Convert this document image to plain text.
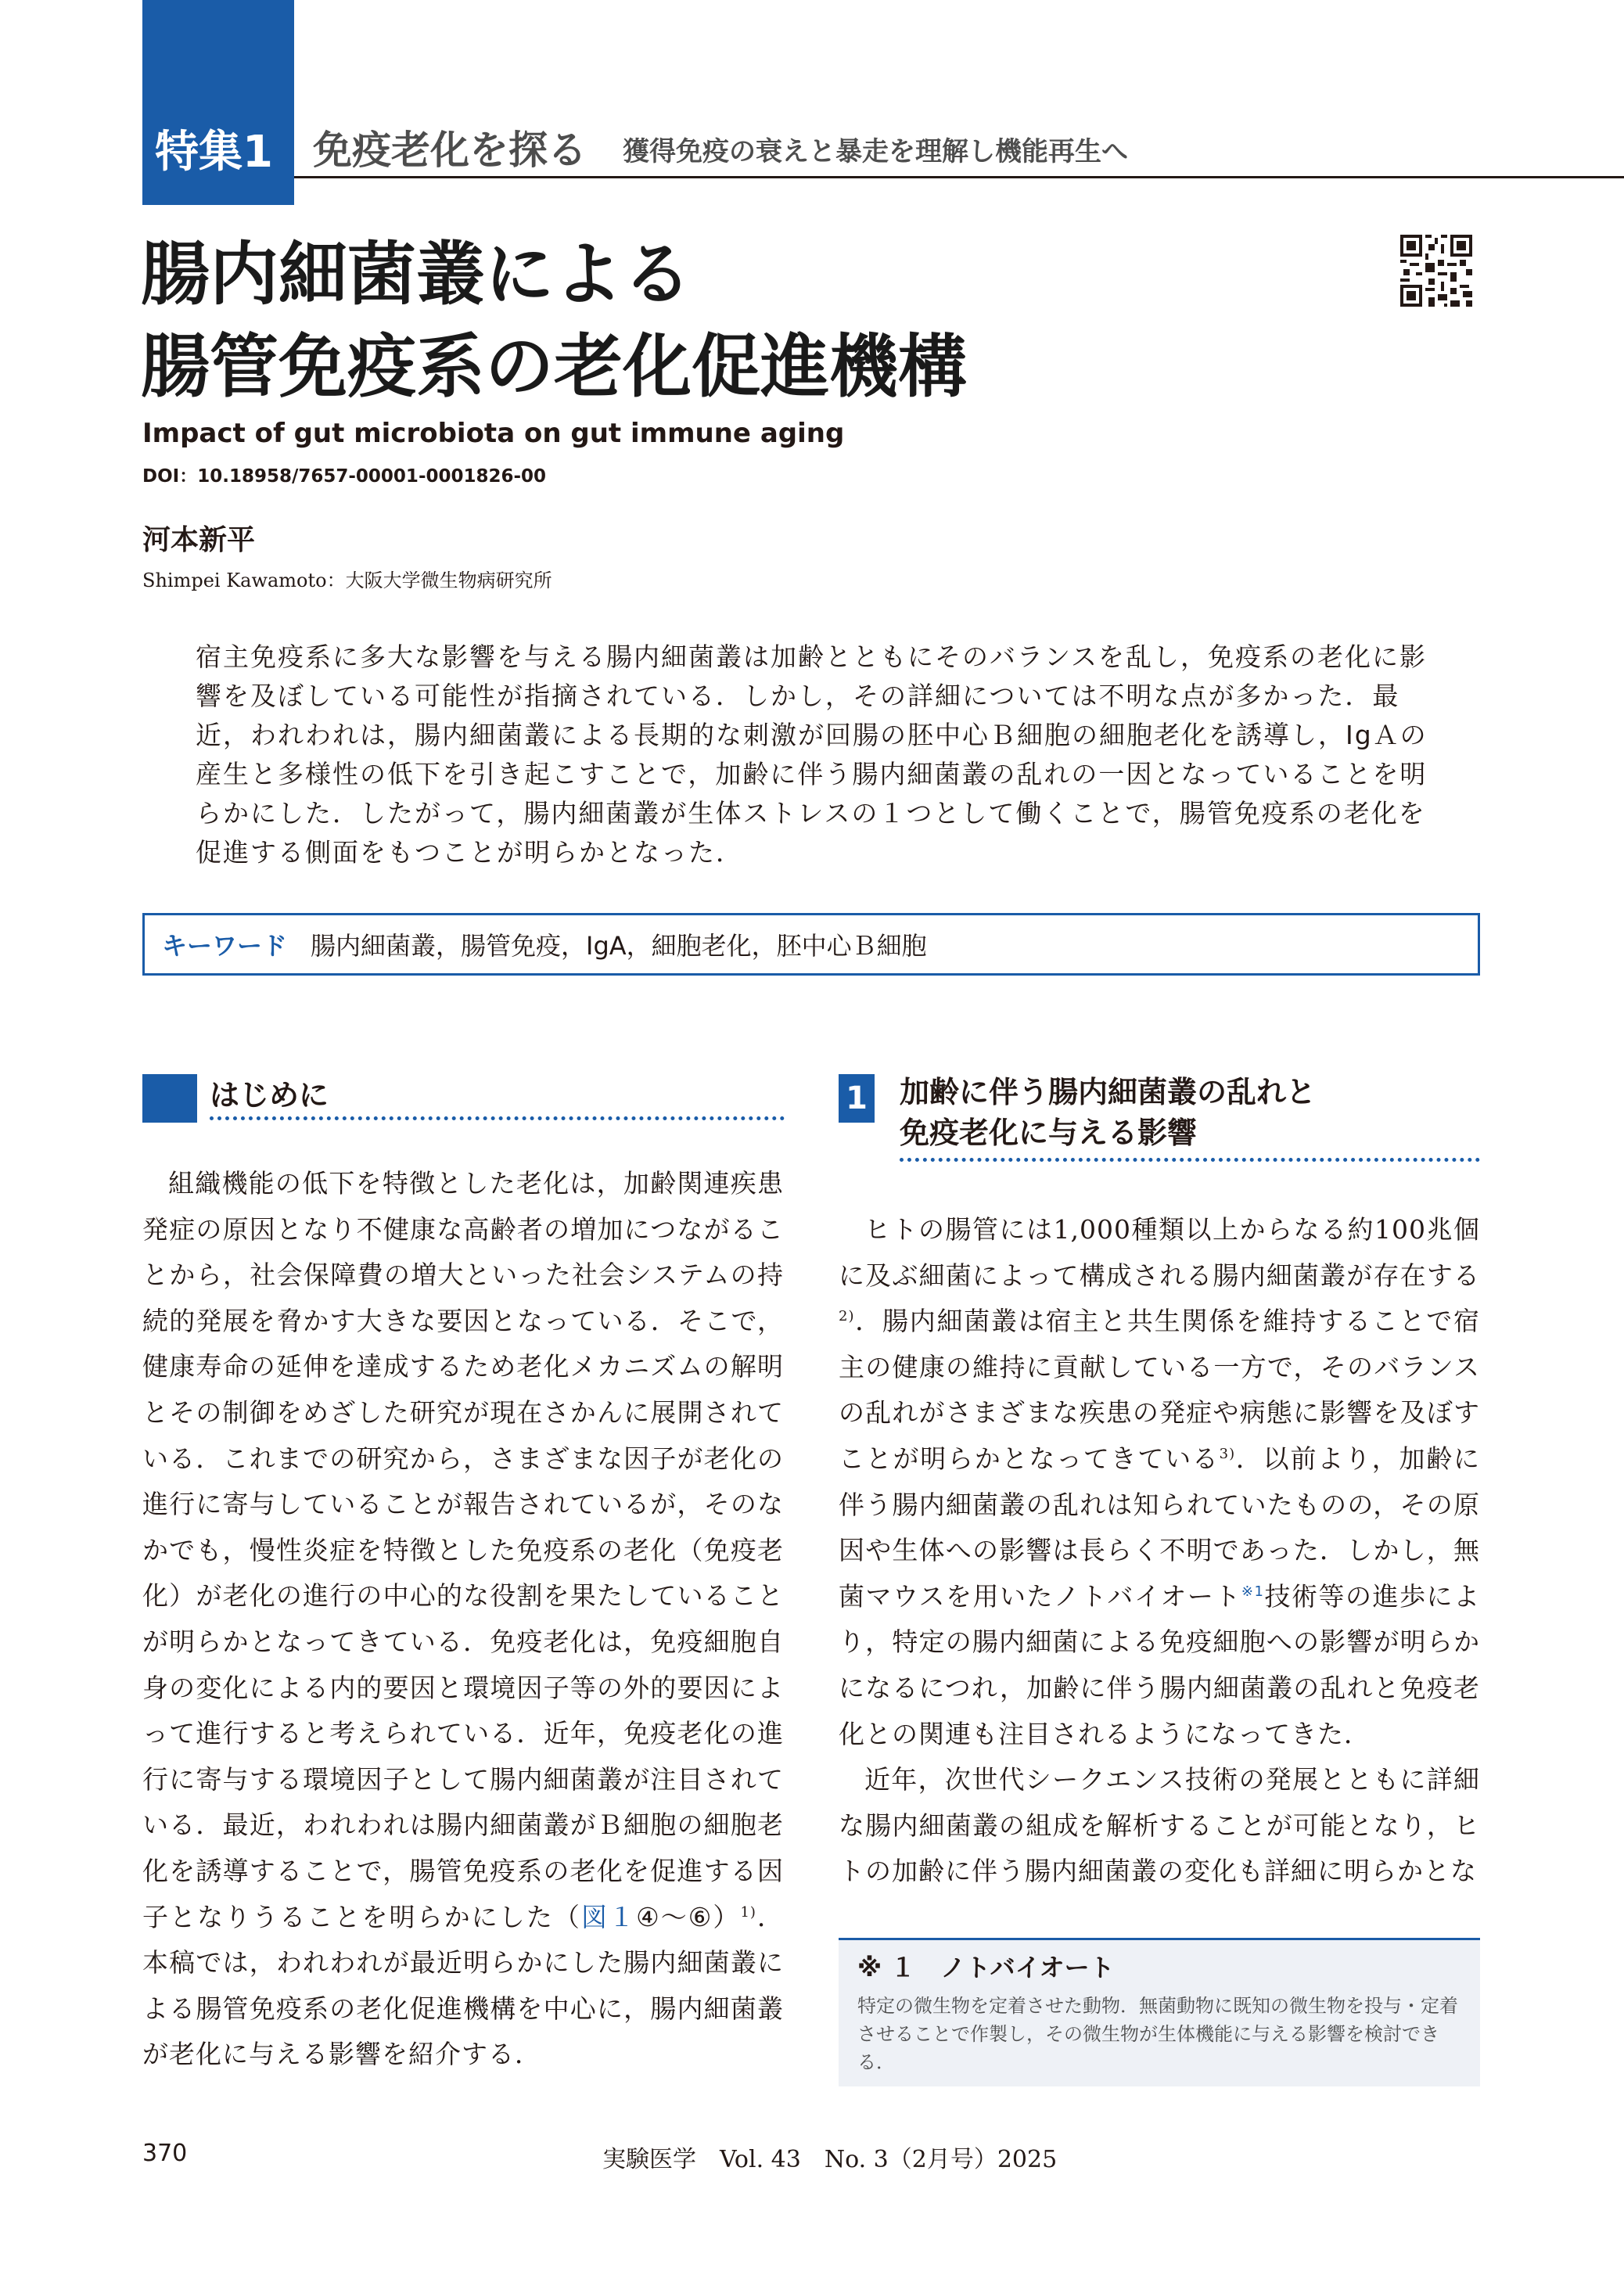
特集1 免疫老化を探る 獲得免疫の衰えと暴走を理解し機能再生へ
腸内細菌叢による
腸管免疫系の老化促進機構
Impact of gut microbiota on gut immune aging
DOI：10.18958/7657-00001-0001826-00
河本新平
Shimpei Kawamoto：大阪大学微生物病研究所
宿主免疫系に多大な影響を与える腸内細菌叢は加齢とともにそのバランスを乱し，免疫系の老化に影響を及ぼしている可能性が指摘されている．しかし，その詳細については不明な点が多かった．最近，われわれは，腸内細菌叢による長期的な刺激が回腸の胚中心Ｂ細胞の細胞老化を誘導し，IgＡの産生と多様性の低下を引き起こすことで，加齢に伴う腸内細菌叢の乱れの一因となっていることを明らかにした．したがって，腸内細菌叢が生体ストレスの１つとして働くことで，腸管免疫系の老化を促進する側面をもつことが明らかとなった．
キーワード 腸内細菌叢，腸管免疫，IgA，細胞老化，胚中心Ｂ細胞
はじめに

組織機能の低下を特徴とした老化は，加齢関連疾患発症の原因となり不健康な高齢者の増加につながることから，社会保障費の増大といった社会システムの持続的発展を脅かす大きな要因となっている．そこで，健康寿命の延伸を達成するため老化メカニズムの解明とその制御をめざした研究が現在さかんに展開されている．これまでの研究から，さまざまな因子が老化の進行に寄与していることが報告されているが，そのなかでも，慢性炎症を特徴とした免疫系の老化（免疫老化）が老化の進行の中心的な役割を果たしていることが明らかとなってきている．免疫老化は，免疫細胞自身の変化による内的要因と環境因子等の外的要因によって進行すると考えられている．近年，免疫老化の進行に寄与する環境因子として腸内細菌叢が注目されている．最近，われわれは腸内細菌叢がＢ細胞の細胞老化を誘導することで，腸管免疫系の老化を促進する因子となりうることを明らかにした（図１④〜⑥）$^{1)}$．本稿では，われわれが最近明らかにした腸内細菌叢による腸管免疫系の老化促進機構を中心に，腸内細菌叢が老化に与える影響を紹介する．

1 加齢に伴う腸内細菌叢の乱れと
免疫老化に与える影響

ヒトの腸管には1,000種類以上からなる約100兆個に及ぶ細菌によって構成される腸内細菌叢が存在する$^{2)}$．腸内細菌叢は宿主と共生関係を維持することで宿主の健康の維持に貢献している一方で，そのバランスの乱れがさまざまな疾患の発症や病態に影響を及ぼすことが明らかとなってきている$^{3)}$．以前より，加齢に伴う腸内細菌叢の乱れは知られていたものの，その原因や生体への影響は長らく不明であった．しかし，無菌マウスを用いたノトバイオート$^{※1}$技術等の進歩により，特定の腸内細菌による免疫細胞への影響が明らかになるにつれ，加齢に伴う腸内細菌叢の乱れと免疫老化との関連も注目されるようになってきた．

近年，次世代シークエンス技術の発展とともに詳細な腸内細菌叢の組成を解析することが可能となり，ヒトの加齢に伴う腸内細菌叢の変化も詳細に明らかとな

※ １　ノトバイオート
特定の微生物を定着させた動物．無菌動物に既知の微生物を投与・定着させることで作製し，その微生物が生体機能に与える影響を検討できる．
370	実験医学　Vol. 43　No. 3（2月号）2025
